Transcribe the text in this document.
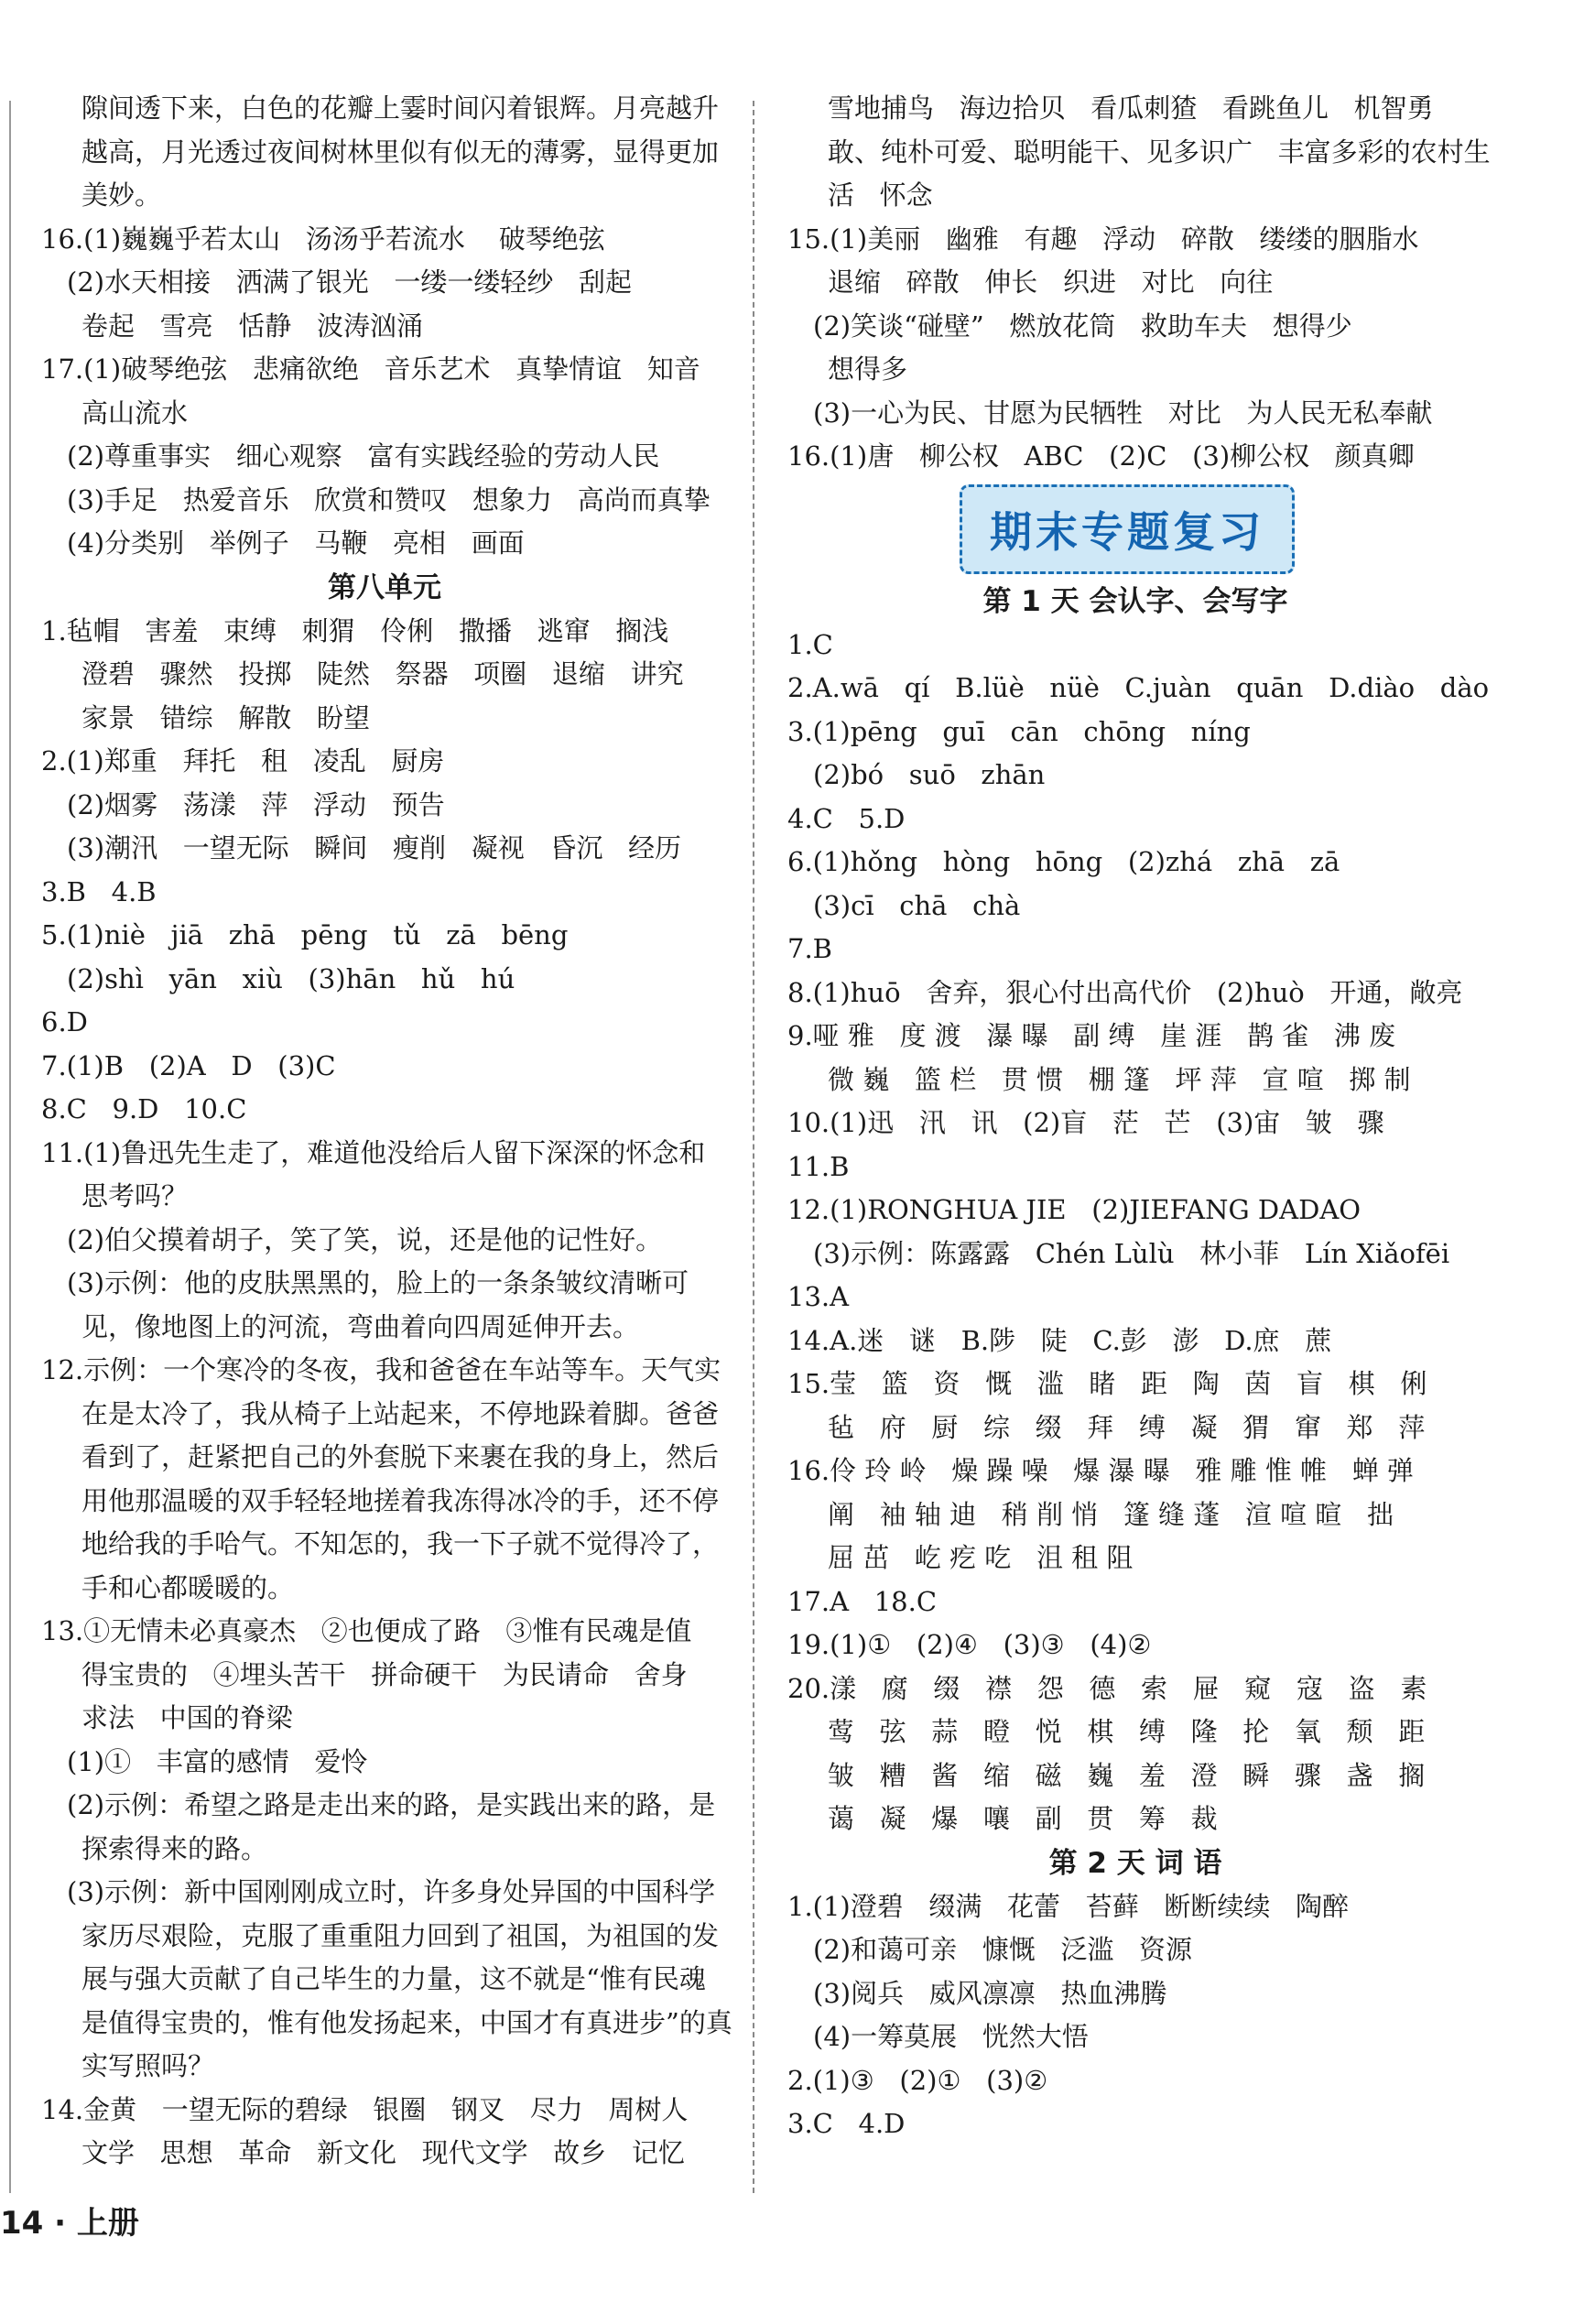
隙间透下来，白色的花瓣上霎时间闪着银辉。月亮越升
越高，月光透过夜间树林里似有似无的薄雾，显得更加
美妙。
16.(1)巍巍乎若太山   汤汤乎若流水    破琴绝弦
(2)水天相接   洒满了银光   一缕一缕轻纱   刮起
卷起   雪亮   恬静   波涛汹涌
17.(1)破琴绝弦   悲痛欲绝   音乐艺术   真挚情谊   知音
高山流水
(2)尊重事实   细心观察   富有实践经验的劳动人民
(3)手足   热爱音乐   欣赏和赞叹   想象力   高尚而真挚
(4)分类别   举例子   马鞭   亮相   画面
第八单元
1.毡帽   害羞   束缚   刺猬   伶俐   撒播   逃窜   搁浅
澄碧   骤然   投掷   陡然   祭器   项圈   退缩   讲究
家景   错综   解散   盼望
2.(1)郑重   拜托   租   凌乱   厨房
(2)烟雾   荡漾   萍   浮动   预告
(3)潮汛   一望无际   瞬间   瘦削   凝视   昏沉   经历
3.B   4.B
5.(1)niè   jiā   zhā   pēng   tǔ   zā   bēng
(2)shì   yān   xiù   (3)hān   hǔ   hú
6.D
7.(1)B   (2)A   D   (3)C
8.C   9.D   10.C
11.(1)鲁迅先生走了，难道他没给后人留下深深的怀念和
思考吗？
(2)伯父摸着胡子，笑了笑，说，还是他的记性好。
(3)示例：他的皮肤黑黑的，脸上的一条条皱纹清晰可
见，像地图上的河流，弯曲着向四周延伸开去。
12.示例：一个寒冷的冬夜，我和爸爸在车站等车。天气实
在是太冷了，我从椅子上站起来，不停地跺着脚。爸爸
看到了，赶紧把自己的外套脱下来裹在我的身上，然后
用他那温暖的双手轻轻地搓着我冻得冰冷的手，还不停
地给我的手哈气。不知怎的，我一下子就不觉得冷了，
手和心都暖暖的。
13.①无情未必真豪杰   ②也便成了路   ③惟有民魂是值
得宝贵的   ④埋头苦干   拼命硬干   为民请命   舍身
求法   中国的脊梁
(1)①   丰富的感情   爱怜
(2)示例：希望之路是走出来的路，是实践出来的路，是
探索得来的路。
(3)示例：新中国刚刚成立时，许多身处异国的中国科学
家历尽艰险，克服了重重阻力回到了祖国，为祖国的发
展与强大贡献了自己毕生的力量，这不就是“惟有民魂
是值得宝贵的，惟有他发扬起来，中国才有真进步”的真
实写照吗？
14.金黄   一望无际的碧绿   银圈   钢叉   尽力   周树人
文学   思想   革命   新文化   现代文学   故乡   记忆
雪地捕鸟   海边拾贝   看瓜刺猹   看跳鱼儿   机智勇
敢、纯朴可爱、聪明能干、见多识广   丰富多彩的农村生
活   怀念
15.(1)美丽   幽雅   有趣   浮动   碎散   缕缕的胭脂水
退缩   碎散   伸长   织进   对比   向往
(2)笑谈“碰壁”   燃放花筒   救助车夫   想得少
想得多
(3)一心为民、甘愿为民牺牲   对比   为人民无私奉献
16.(1)唐   柳公权   ABC   (2)C   (3)柳公权   颜真卿
期末专题复习
第 1 天 会认字、会写字
1.C
2.A.wā   qí   B.lüè   nüè   C.juàn   quān   D.diào   dào
3.(1)pēng   guī   cān   chōng   níng
(2)bó   suō   zhān
4.C   5.D
6.(1)hǒng   hòng   hōng   (2)zhá   zhā   zā
(3)cī   chā   chà
7.B
8.(1)huō   舍弃，狠心付出高代价   (2)huò   开通，敞亮
9.哑 雅   度 渡   瀑 曝   副 缚   崖 涯   鹊 雀   沸 废
微 巍   篮 栏   贯 惯   棚 篷   坪 萍   宣 喧   掷 制
10.(1)迅   汛   讯   (2)盲   茫   芒   (3)宙   皱   骤
11.B
12.(1)RONGHUA JIE   (2)JIEFANG DADAO
(3)示例：陈露露   Chén Lùlù   林小菲   Lín Xiǎofēi
13.A
14.A.迷   谜   B.陟   陡   C.彭   澎   D.庶   蔗
15.莹   篮   资   慨   滥   睹   距   陶   茵   盲   棋   俐
毡   府   厨   综   缀   拜   缚   凝   猬   窜   郑   萍
16.伶 玲 岭   燥 躁 噪   爆 瀑 曝   雅 雕 惟 帷   蝉 弹
阐   袖 轴 迪   稍 削 悄   篷 缝 蓬   渲 喧 暄   拙
屈 茁   屹 疙 吃   沮 租 阻
17.A   18.C
19.(1)①   (2)④   (3)③   (4)②
20.漾   腐   缀   襟   怨   德   索   屉   窥   寇   盗   素
莺   弦   蒜   瞪   悦   棋   缚   隆   抡   氧   颓   距
皱   糟   酱   缩   磁   巍   羞   澄   瞬   骤   盏   搁
蔼   凝   爆   嚷   副   贯   筹   裁
第 2 天 词 语
1.(1)澄碧   缀满   花蕾   苔藓   断断续续   陶醉
(2)和蔼可亲   慷慨   泛滥   资源
(3)阅兵   威风凛凛   热血沸腾
(4)一筹莫展   恍然大悟
2.(1)③   (2)①   (3)②
3.C   4.D
14 · 上册
